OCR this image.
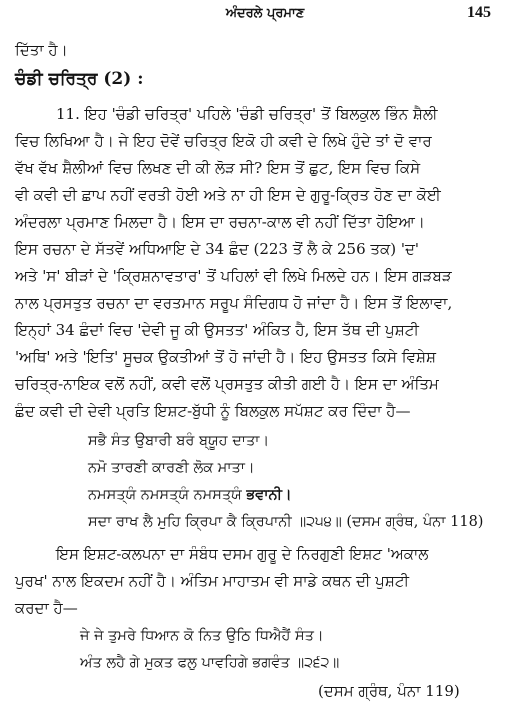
ਅੰਦਰਲੇ ਪ੍ਰਮਾਣ	145
ਦਿੱਤਾ ਹੈ।
ਚੰਡੀ ਚਰਿਤ੍ਰ (2) :
11. ਇਹ 'ਚੰਡੀ ਚਰਿਤ੍ਰ' ਪਹਿਲੇ 'ਚੰਡੀ ਚਰਿਤ੍ਰ' ਤੋਂ ਬਿਲਕੁਲ ਭਿੰਨ ਸ਼ੈਲੀ
ਵਿਚ ਲਿਖਿਆ ਹੈ। ਜੇ ਇਹ ਦੋਵੇਂ ਚਰਿਤ੍ਰ ਇਕੋ ਹੀ ਕਵੀ ਦੇ ਲਿਖੇ ਹੁੰਦੇ ਤਾਂ ਦੋ ਵਾਰ
ਵੱਖ ਵੱਖ ਸ਼ੈਲੀਆਂ ਵਿਚ ਲਿਖਣ ਦੀ ਕੀ ਲੋੜ ਸੀ? ਇਸ ਤੋਂ ਛੁਟ, ਇਸ ਵਿਚ ਕਿਸੇ
ਵੀ ਕਵੀ ਦੀ ਛਾਪ ਨਹੀਂ ਵਰਤੀ ਹੋਈ ਅਤੇ ਨਾ ਹੀ ਇਸ ਦੇ ਗੁਰੂ-ਕ੍ਰਿਤ ਹੋਣ ਦਾ ਕੋਈ
ਅੰਦਰਲਾ ਪ੍ਰਮਾਣ ਮਿਲਦਾ ਹੈ। ਇਸ ਦਾ ਰਚਨਾ-ਕਾਲ ਵੀ ਨਹੀਂ ਦਿੱਤਾ ਹੋਇਆ।
ਇਸ ਰਚਨਾ ਦੇ ਸੱਤਵੇਂ ਅਧਿਆਇ ਦੇ 34 ਛੰਦ (223 ਤੋਂ ਲੈ ਕੇ 256 ਤਕ) 'ਦ'
ਅਤੇ 'ਸ' ਬੀੜਾਂ ਦੇ 'ਕ੍ਰਿਸ਼ਨਾਵਤਾਰ' ਤੋਂ ਪਹਿਲਾਂ ਵੀ ਲਿਖੇ ਮਿਲਦੇ ਹਨ। ਇਸ ਗੜਬੜ
ਨਾਲ ਪ੍ਰਸਤੁਤ ਰਚਨਾ ਦਾ ਵਰਤਮਾਨ ਸਰੂਪ ਸੰਦਿਗਧ ਹੋ ਜਾਂਦਾ ਹੈ। ਇਸ ਤੋਂ ਇਲਾਵਾ,
ਇਨ੍ਹਾਂ 34 ਛੰਦਾਂ ਵਿਚ 'ਦੇਵੀ ਜੂ ਕੀ ਉਸਤਤ' ਅੰਕਿਤ ਹੈ, ਇਸ ਤੱਥ ਦੀ ਪੁਸ਼ਟੀ
'ਅਥਿ' ਅਤੇ 'ਇਤਿ' ਸੂਚਕ ਉਕਤੀਆਂ ਤੋਂ ਹੋ ਜਾਂਦੀ ਹੈ। ਇਹ ਉਸਤਤ ਕਿਸੇ ਵਿਸ਼ੇਸ਼
ਚਰਿਤ੍ਰ-ਨਾਇਕ ਵਲੋਂ ਨਹੀਂ, ਕਵੀ ਵਲੋਂ ਪ੍ਰਸਤੁਤ ਕੀਤੀ ਗਈ ਹੈ। ਇਸ ਦਾ ਅੰਤਿਮ
ਛੰਦ ਕਵੀ ਦੀ ਦੇਵੀ ਪ੍ਰਤਿ ਇਸ਼ਟ-ਬੁੱਧੀ ਨੂੰ ਬਿਲਕੁਲ ਸਪੱਸ਼ਟ ਕਰ ਦਿੰਦਾ ਹੈ—
ਸਭੈ ਸੰਤ ਉਬਾਰੀ ਬਰੰ ਬ੍ਯੂਹ ਦਾਤਾ।
ਨਮੋ ਤਾਰਣੀ ਕਾਰਣੀ ਲੋਕ ਮਾਤਾ।
ਨਮਸਤ੍ਯੰ ਨਮਸਤ੍ਯੰ ਨਮਸਤ੍ਯੰ ਭਵਾਨੀ।
ਸਦਾ ਰਾਖ ਲੈ ਮੁਹਿ ਕ੍ਰਿਪਾ ਕੈ ਕ੍ਰਿਪਾਨੀ ॥੨੫੪॥ (ਦਸਮ ਗ੍ਰੰਥ, ਪੰਨਾ 118)
ਇਸ ਇਸ਼ਟ-ਕਲਪਨਾ ਦਾ ਸੰਬੰਧ ਦਸਮ ਗੁਰੂ ਦੇ ਨਿਰਗੁਣੀ ਇਸ਼ਟ 'ਅਕਾਲ
ਪੁਰਖ' ਨਾਲ ਇਕਦਮ ਨਹੀਂ ਹੈ। ਅੰਤਿਮ ਮਾਹਾਤਮ ਵੀ ਸਾਡੇ ਕਥਨ ਦੀ ਪੁਸ਼ਟੀ
ਕਰਦਾ ਹੈ—
ਜੇ ਜੇ ਤੁਮਰੇ ਧਿਆਨ ਕੋ ਨਿਤ ਉਠਿ ਧਿਐਹੈਂ ਸੰਤ।
ਅੰਤ ਲਹੈ ਗੇ ਮੁਕਤ ਫਲੁ ਪਾਵਹਿਗੇ ਭਗਵੰਤ ॥੨੬੨॥
(ਦਸਮ ਗ੍ਰੰਥ, ਪੰਨਾ 119)
